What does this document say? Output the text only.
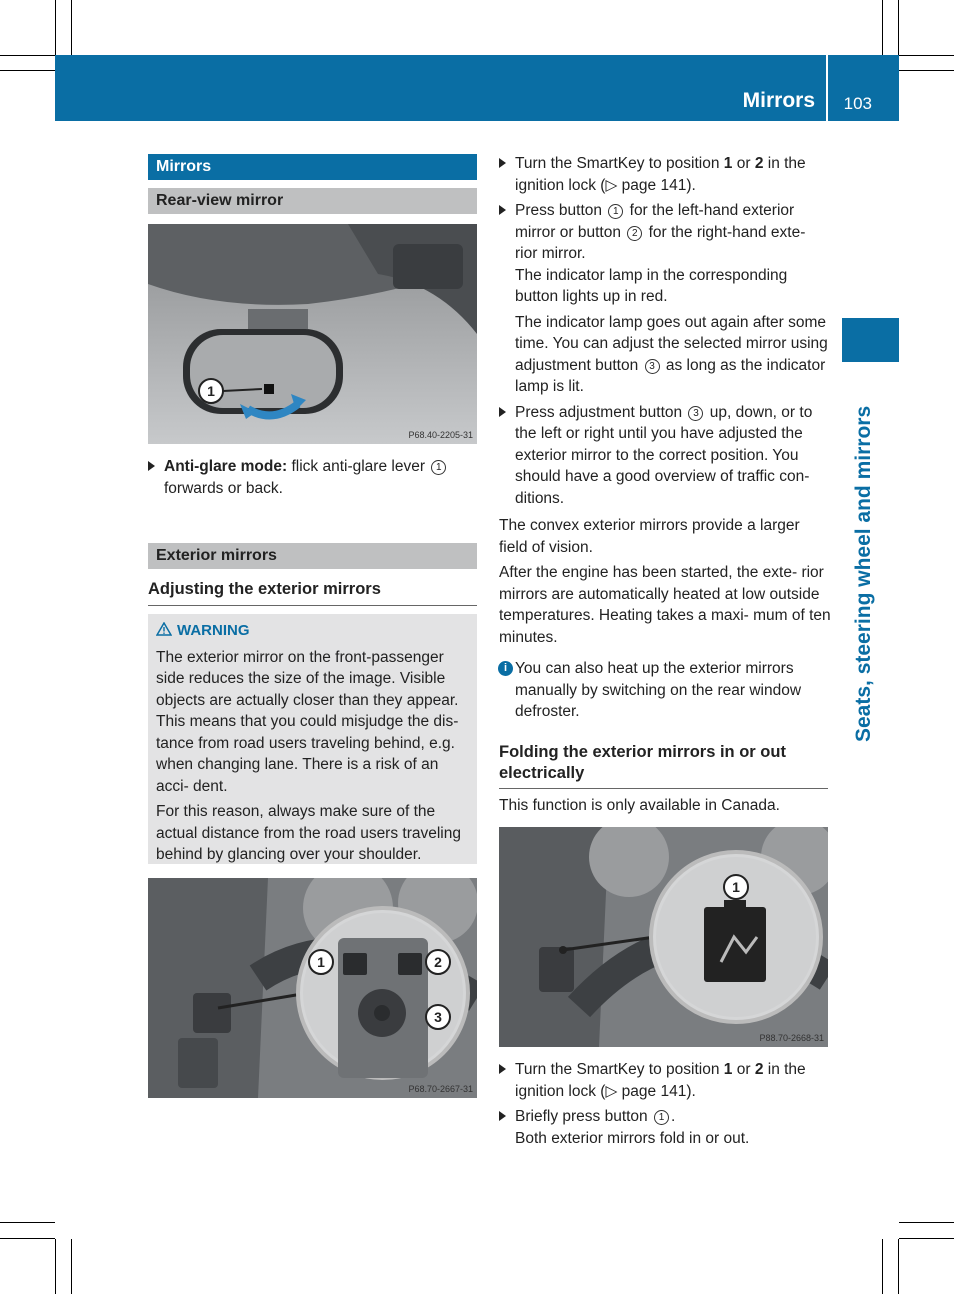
Mirrors 103
Seats, steering wheel and mirrors
Mirrors
Rear-view mirror
1
P68.40-2205-31
Anti-glare mode: flick anti-glare lever 1
forwards or back.
Exterior mirrors
Adjusting the exterior mirrors
WARNING

The exterior mirror on the front-passenger side reduces the size of the image. Visible objects are actually closer than they appear. This means that you could misjudge the dis- tance from road users traveling behind, e.g. when changing lane. There is a risk of an acci- dent.

For this reason, always make sure of the actual distance from the road users traveling behind by glancing over your shoulder.

1	2
3
P68.70-2667-31
Turn the SmartKey to position 1 or 2 in the ignition lock (▷ page 141).
Press button 1 for the left-hand exterior mirror or button 2 for the right-hand exte- rior mirror.
The indicator lamp in the corresponding button lights up in red.
The indicator lamp goes out again after some time. You can adjust the selected mirror using adjustment button 3 as long as the indicator lamp is lit.
Press adjustment button 3 up, down, or to the left or right until you have adjusted the exterior mirror to the correct position. You should have a good overview of traffic con- ditions.

The convex exterior mirrors provide a larger field of vision.

After the engine has been started, the exte- rior mirrors are automatically heated at low outside temperatures. Heating takes a maxi- mum of ten minutes.

i You can also heat up the exterior mirrors manually by switching on the rear window defroster.
Folding the exterior mirrors in or out electrically
This function is only available in Canada.
1
P88.70-2668-31
Turn the SmartKey to position 1 or 2 in the ignition lock (▷ page 141).
Briefly press button 1 .
Both exterior mirrors fold in or out.
